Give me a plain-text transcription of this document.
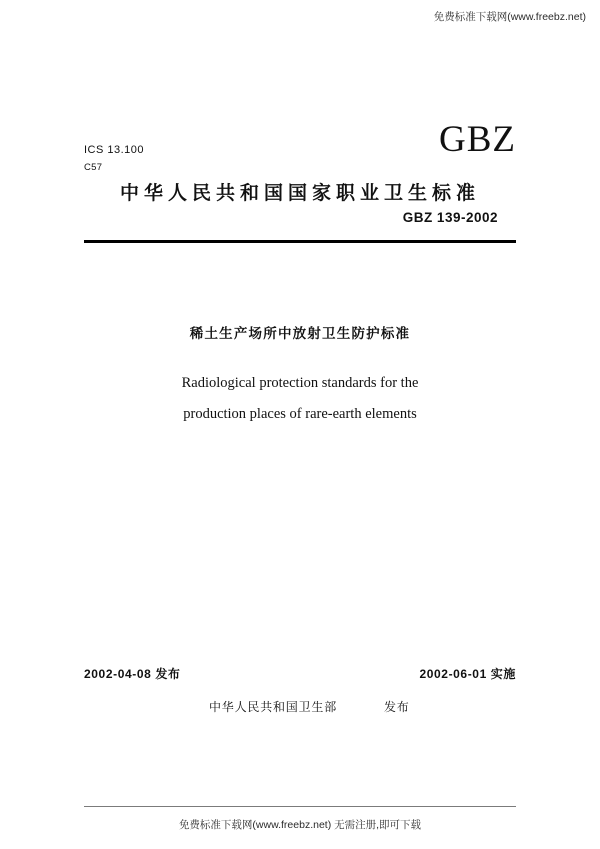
免费标准下载网(www.freebz.net)
ICS 13.100
C57
GBZ
中华人民共和国国家职业卫生标准
GBZ 139-2002
稀土生产场所中放射卫生防护标准
Radiological protection standards for the
production places of rare-earth elements
2002-04-08 发布	2002-06-01 实施
中华人民共和国卫生部	发布
免费标准下载网(www.freebz.net) 无需注册,即可下载
